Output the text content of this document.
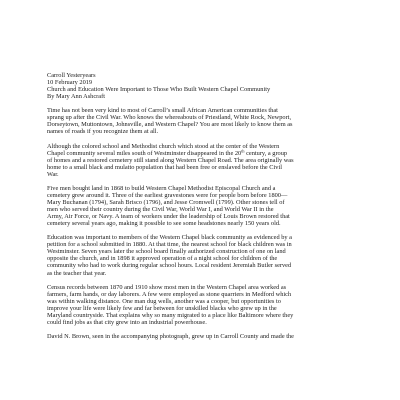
Carroll Yesteryears
10 February 2019
Church and Education Were Important to Those Who Built Western Chapel Community
By Mary Ann Ashcraft
Time has not been very kind to most of Carroll’s small African American communities that
sprang up after the Civil War. Who knows the whereabouts of Priestland, White Rock, Newport,
Dorseytown, Muttontown, Johnsville, and Western Chapel? You are most likely to know them as
names of roads if you recognize them at all.
Although the colored school and Methodist church which stood at the center of the Western
Chapel community several miles south of Westminster disappeared in the 20th century, a group
of homes and a restored cemetery still stand along Western Chapel Road. The area originally was
home to a small black and mulatto population that had been free or enslaved before the Civil
War.
Five men bought land in 1868 to build Western Chapel Methodist Episcopal Church and a
cemetery grew around it. Three of the earliest gravestones were for people born before 1800—
Mary Buchanan (1794), Sarah Brisco (1796), and Jesse Cromwell (1799). Other stones tell of
men who served their country during the Civil War, World War I, and World War II in the
Army, Air Force, or Navy. A team of workers under the leadership of Louis Brown restored that
cemetery several years ago, making it possible to see some headstones nearly 150 years old.
Education was important to members of the Western Chapel black community as evidenced by a
petition for a school submitted in 1880. At that time, the nearest school for black children was in
Westminster. Seven years later the school board finally authorized construction of one on land
opposite the church, and in 1898 it approved operation of a night school for children of the
community who had to work during regular school hours. Local resident Jeremiah Butler served
as the teacher that year.
Census records between 1870 and 1910 show most men in the Western Chapel area worked as
farmers, farm hands, or day laborers. A few were employed as stone quarriers in Medford which
was within walking distance. One man dug wells, another was a cooper, but opportunities to
improve your life were likely few and far between for unskilled blacks who grew up in the
Maryland countryside. That explains why so many migrated to a place like Baltimore where they
could find jobs as that city grew into an industrial powerhouse.
David N. Brown, seen in the accompanying photograph, grew up in Carroll County and made the
